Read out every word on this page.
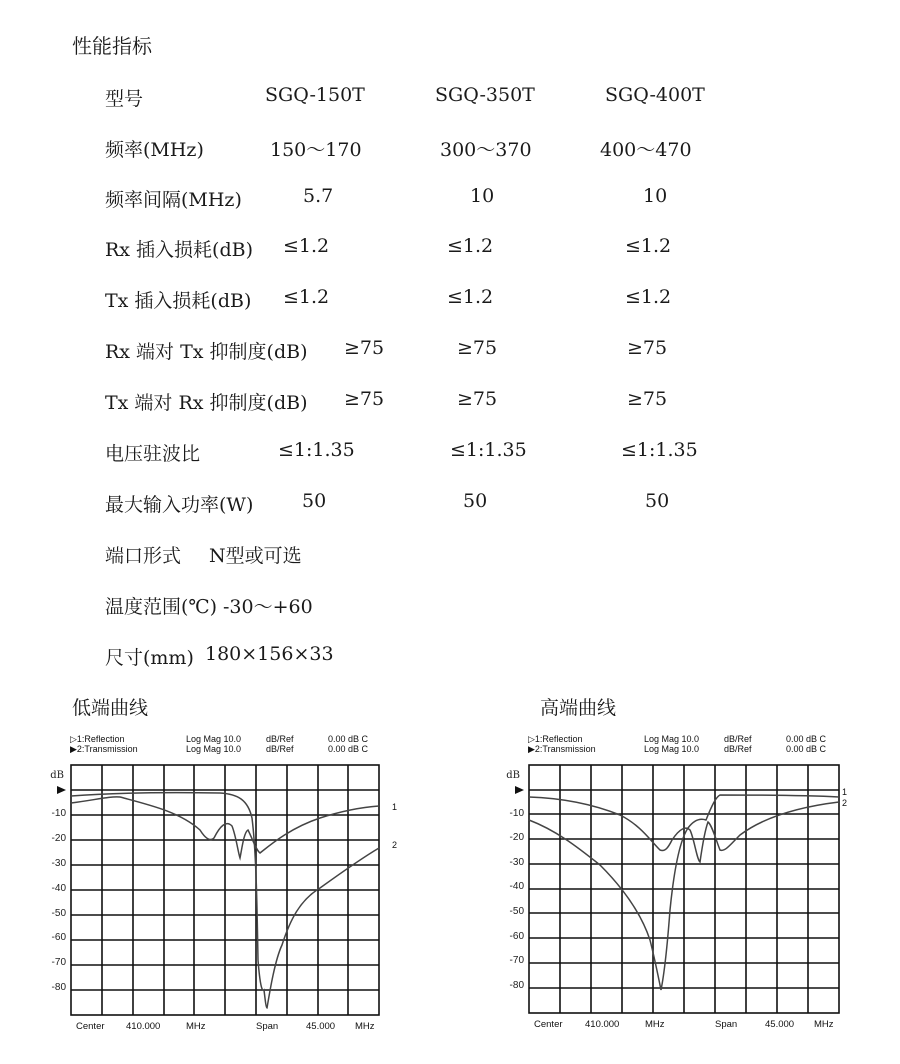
性能指标
型号	SGQ-150T	SGQ-350T	SGQ-400T
频率(MHz)	150～170	300～370	400～470
频率间隔(MHz)	5.7	10	10
Rx 插入损耗(dB) ≤1.2	≤1.2	≤1.2
Tx 插入损耗(dB) ≤1.2	≤1.2	≤1.2
Rx 端对 Tx 抑制度(dB) ≥75	≥75	≥75
Tx 端对 Rx 抑制度(dB) ≥75	≥75	≥75
电压驻波比	≤1:1.35	≤1:1.35	≤1:1.35
最大输入功率(W)	50	50	50
端口形式 N型或可选
温度范围(℃) -30～+60
尺寸(mm) 180×156×33
低端曲线
▷1:Reflection
▶2:Transmission
Log Mag 10.0
Log Mag 10.0
dB/Ref
dB/Ref
0.00 dB C
0.00 dB C
dB
-10
-20
-30
-40
-50
-60
-70
-80
1
2
Center 410.000	MHz	Span	45.000 MHz
高端曲线
▷1:Reflection
▶2:Transmission
Log Mag 10.0
Log Mag 10.0
dB/Ref
dB/Ref
0.00 dB C
0.00 dB C
dB
-10
-20
-30
-40
-50
-60
-70
-80
1
2
Center 410.000	MHz	Span	45.000 MHz
